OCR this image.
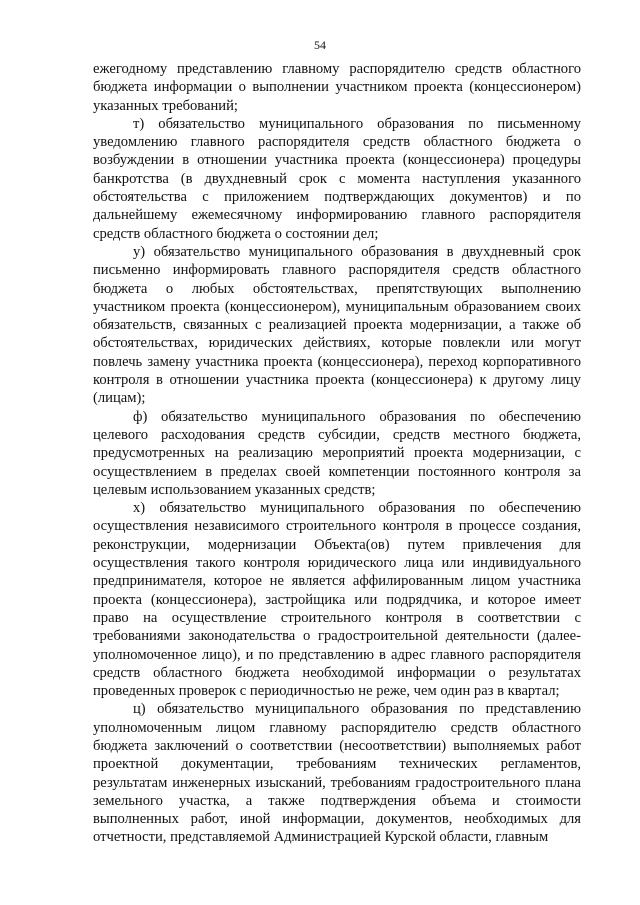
54

ежегодному представлению главному распорядителю средств областного бюджета информации о выполнении участником проекта (концессионером) указанных требований;

т) обязательство муниципального образования по письменному уведомлению главного распорядителя средств областного бюджета о возбуждении в отношении участника проекта (концессионера) процедуры банкротства (в двухдневный срок с момента наступления указанного обстоятельства с приложением подтверждающих документов) и по дальнейшему ежемесячному информированию главного распорядителя средств областного бюджета о состоянии дел;

у) обязательство муниципального образования в двухдневный срок письменно информировать главного распорядителя средств областного бюджета о любых обстоятельствах, препятствующих выполнению участником проекта (концессионером), муниципальным образованием своих обязательств, связанных с реализацией проекта модернизации, а также об обстоятельствах, юридических действиях, которые повлекли или могут повлечь замену участника проекта (концессионера), переход корпоративного контроля в отношении участника проекта (концессионера) к другому лицу (лицам);

ф) обязательство муниципального образования по обеспечению целевого расходования средств субсидии, средств местного бюджета, предусмотренных на реализацию мероприятий проекта модернизации, с осуществлением в пределах своей компетенции постоянного контроля за целевым использованием указанных средств;

х) обязательство муниципального образования по обеспечению осуществления независимого строительного контроля в процессе создания, реконструкции, модернизации Объекта(ов) путем привлечения для осуществления такого контроля юридического лица или индивидуального предпринимателя, которое не является аффилированным лицом участника проекта (концессионера), застройщика или подрядчика, и которое имеет право на осуществление строительного контроля в соответствии с требованиями законодательства о градостроительной деятельности (далее-уполномоченное лицо), и по представлению в адрес главного распорядителя средств областного бюджета необходимой информации о результатах проведенных проверок с периодичностью не реже, чем один раз в квартал;

ц) обязательство муниципального образования по представлению уполномоченным лицом главному распорядителю средств областного бюджета заключений о соответствии (несоответствии) выполняемых работ проектной документации, требованиям технических регламентов, результатам инженерных изысканий, требованиям градостроительного плана земельного участка, а также подтверждения объема и стоимости выполненных работ, иной информации, документов, необходимых для отчетности, представляемой Администрацией Курской области, главным
